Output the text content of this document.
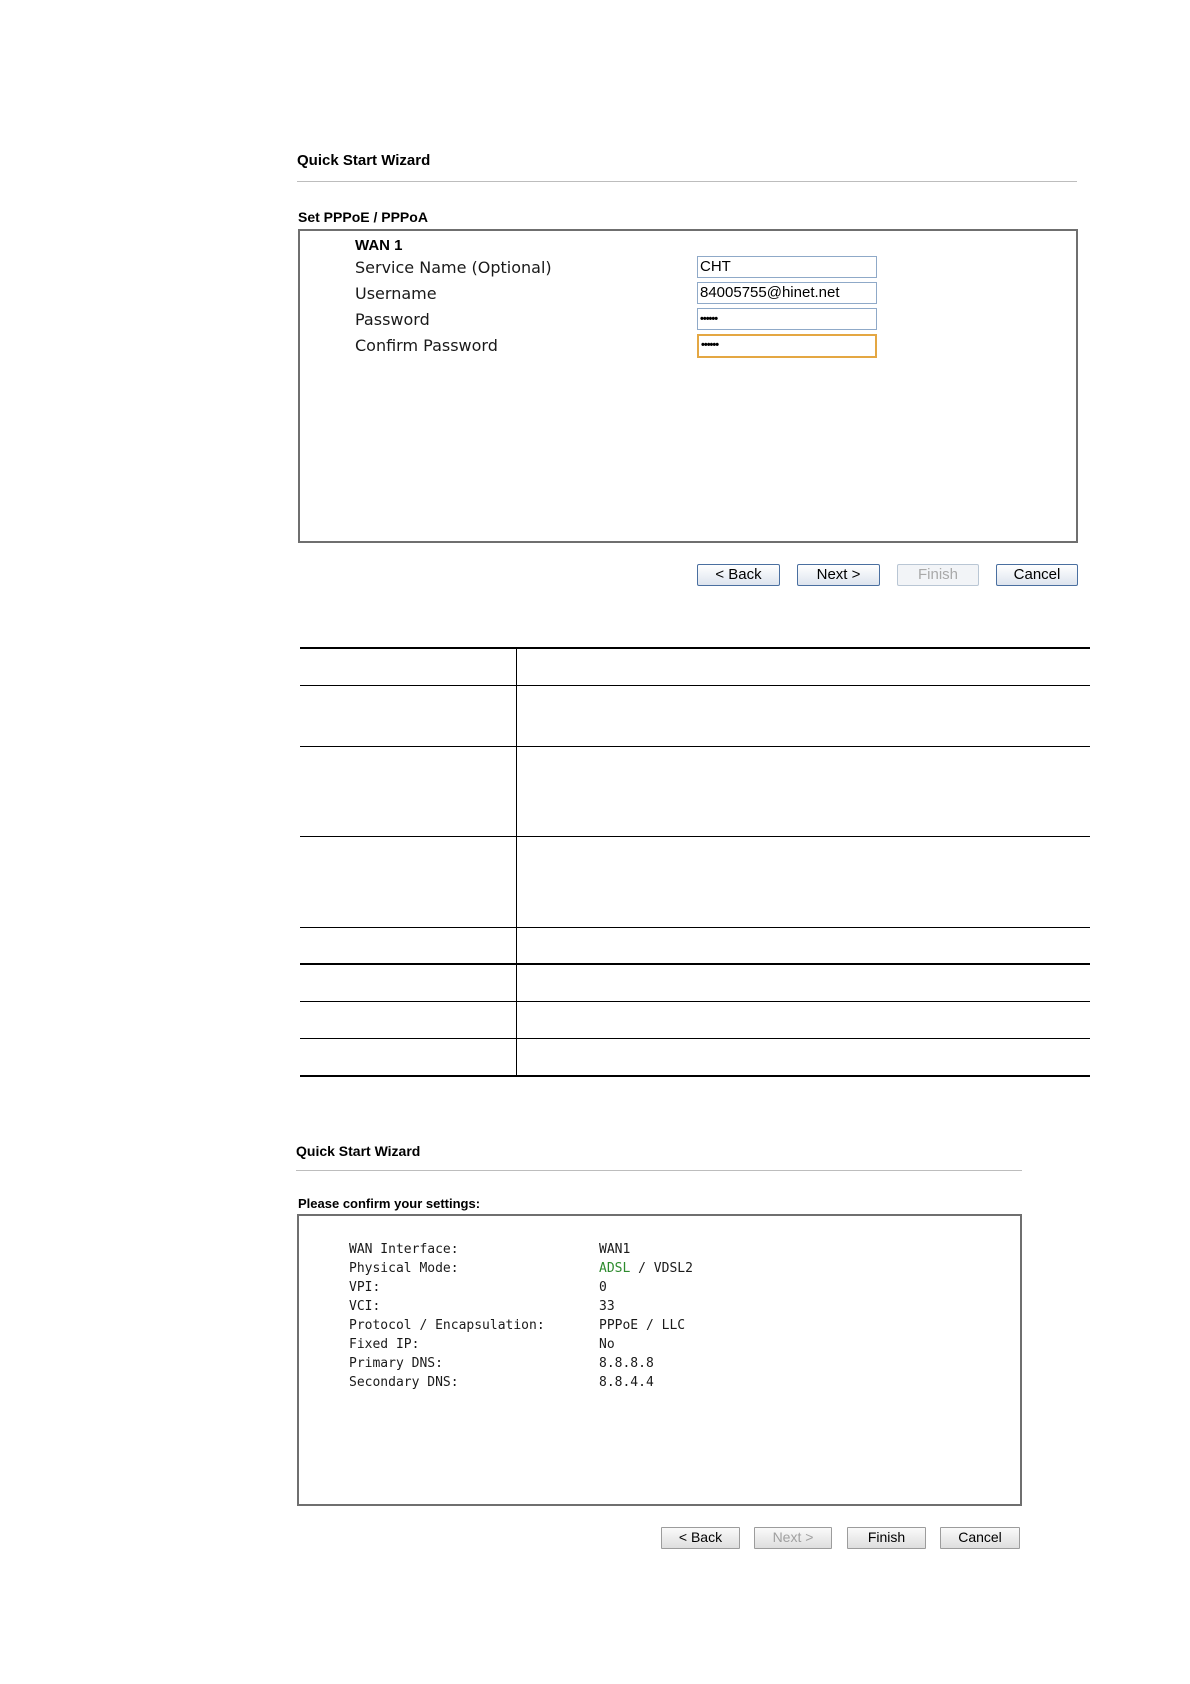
Quick Start Wizard
Set PPPoE / PPPoA
WAN 1
Service Name (Optional)	CHT
Username	84005755@hinet.net
Password	••••••
Confirm Password	••••••
< Back	Next >	Finish	Cancel
Quick Start Wizard
Please confirm your settings:
WAN Interface:	WAN1
Physical Mode:	ADSL / VDSL2
VPI:	0
VCI:	33
Protocol / Encapsulation:	PPPoE / LLC
Fixed IP:	No
Primary DNS:	8.8.8.8
Secondary DNS:	8.8.4.4
< Back	Next >	Finish	Cancel
